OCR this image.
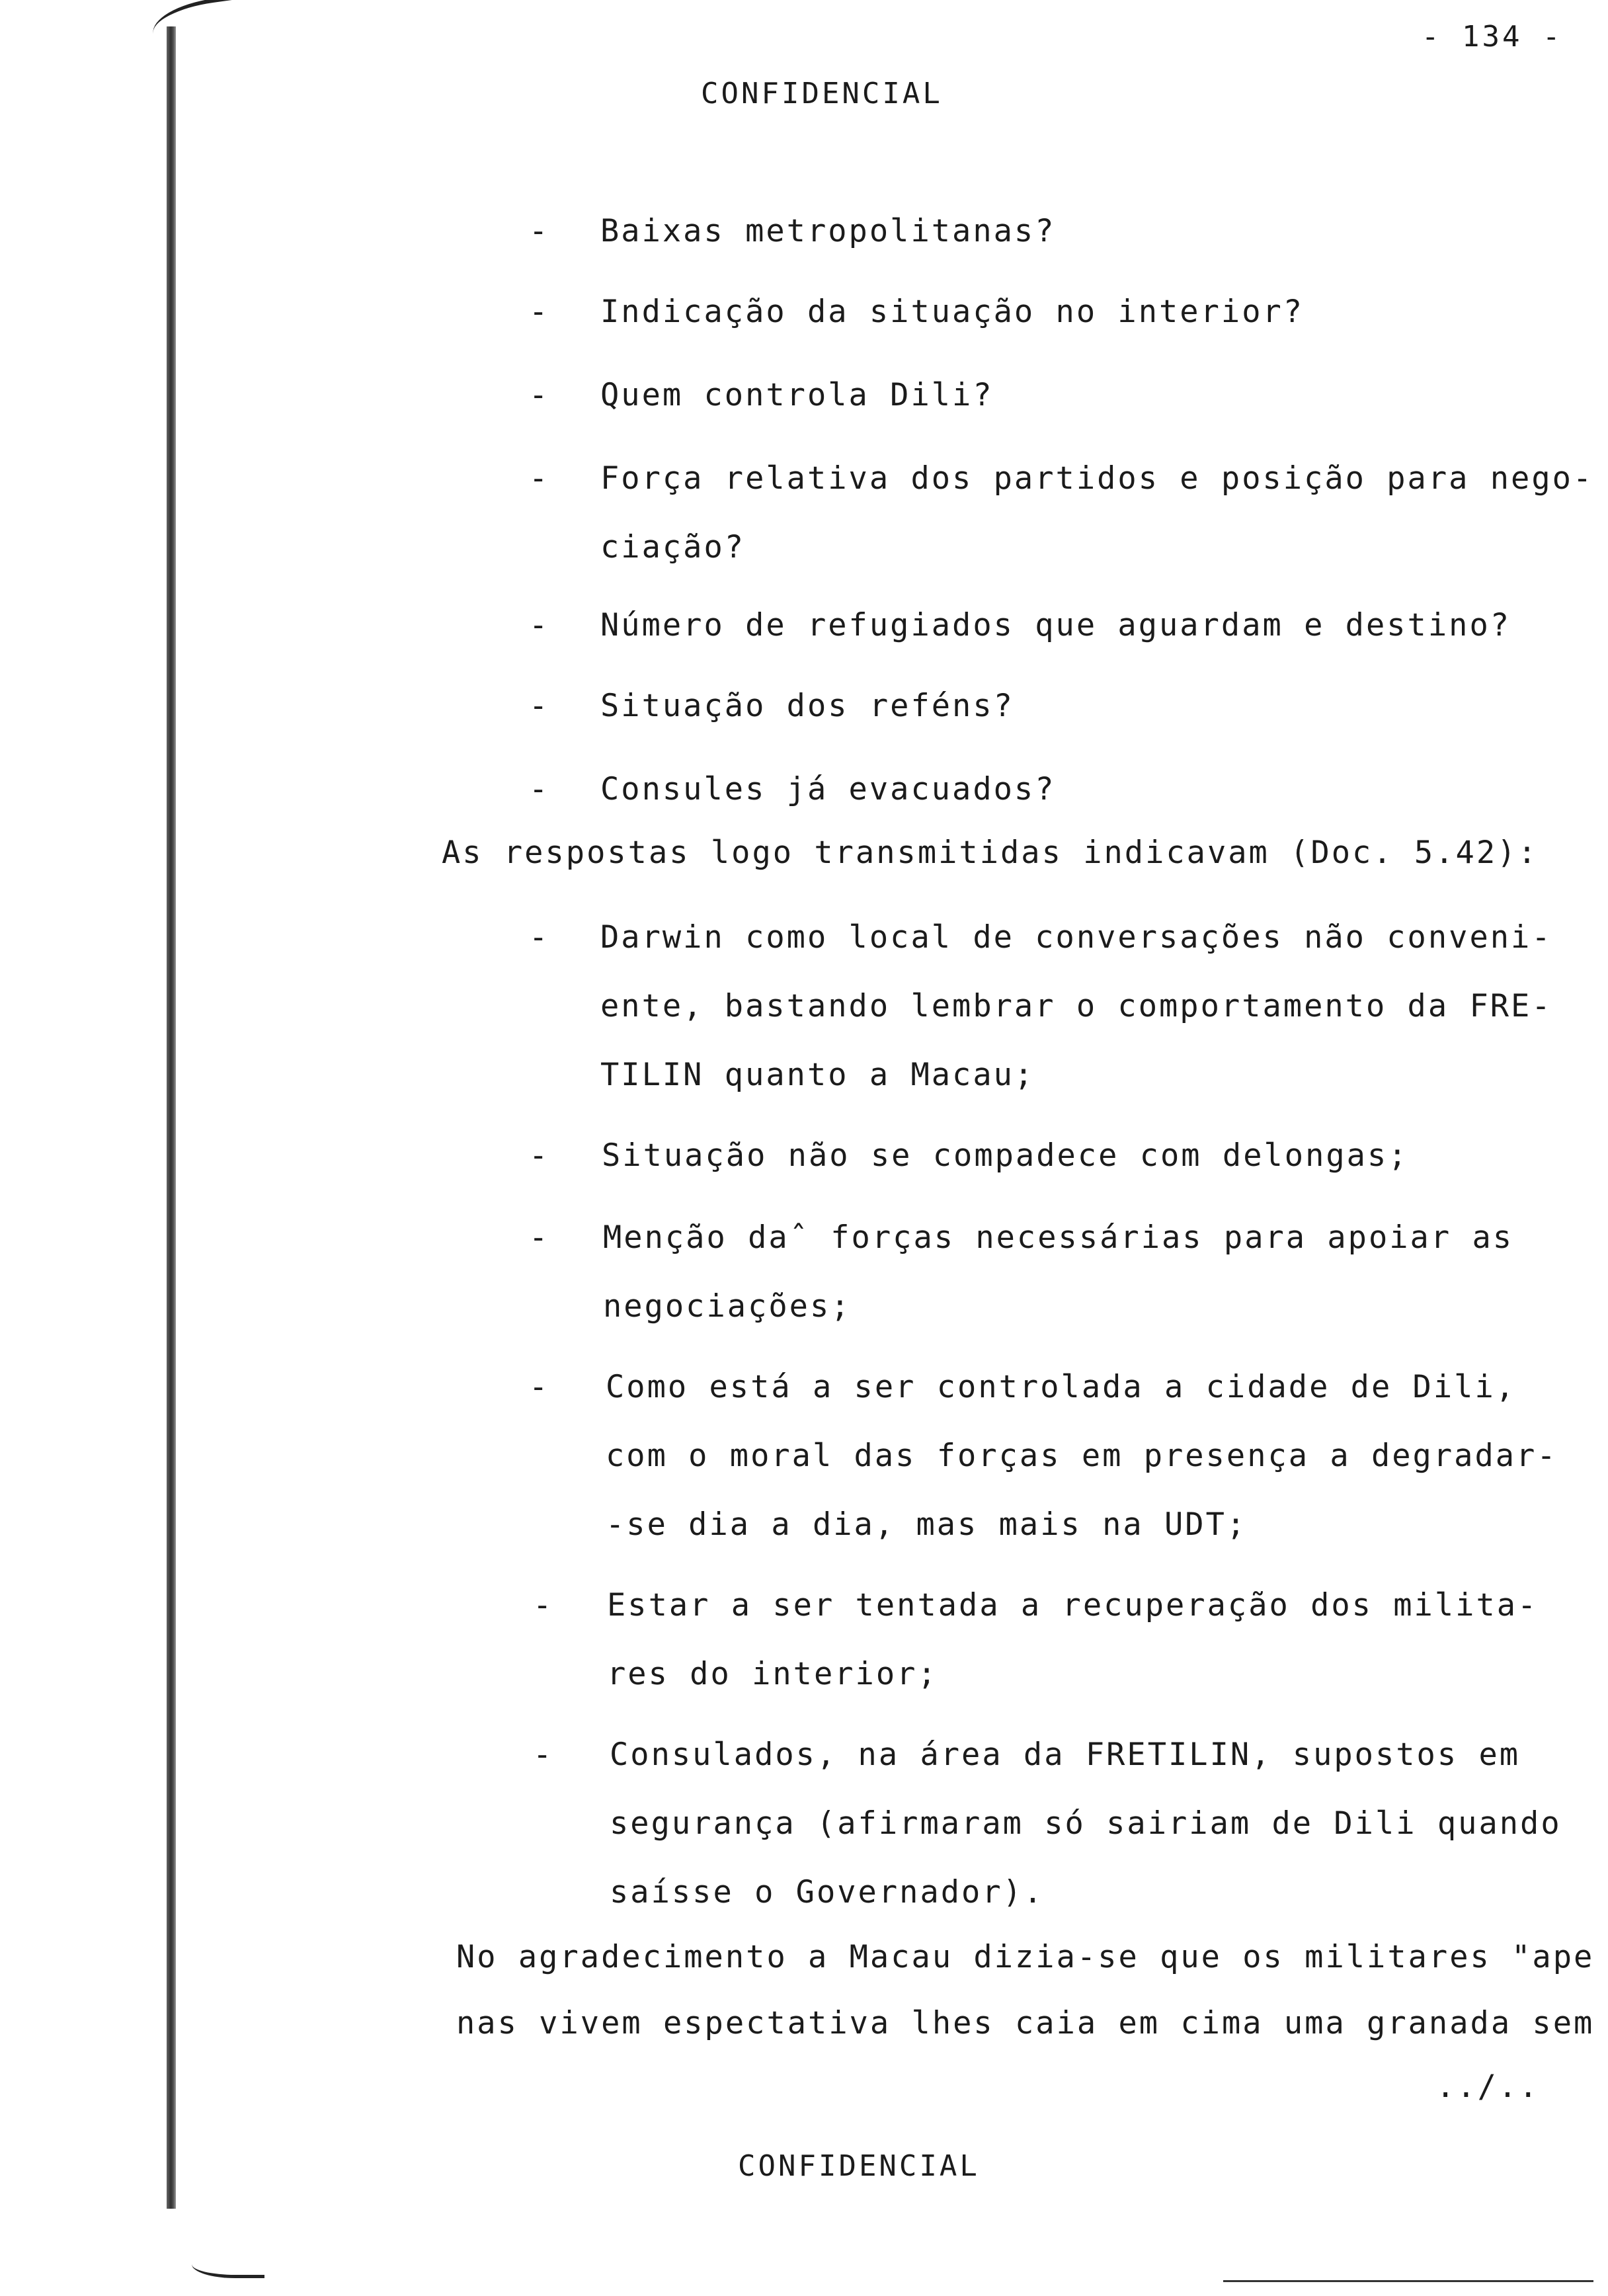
- 134 -
CONFIDENCIAL
- Baixas metropolitanas?
- Indicação da situação no interior?
- Quem controla Dili?
- Força relativa dos partidos e posição para nego-
ciação?
- Número de refugiados que aguardam e destino?
- Situação dos reféns?
- Consules já evacuados?
As respostas logo transmitidas indicavam (Doc. 5.42):
- Darwin como local de conversações não conveni-
ente, bastando lembrar o comportamento da FRE-
TILIN quanto a Macau;
- Situação não se compadece com delongas;
- Menção daˆ forças necessárias para apoiar as
negociações;
- Como está a ser controlada a cidade de Dili,
com o moral das forças em presença a degradar-
-se dia a dia, mas mais na UDT;
- Estar a ser tentada a recuperação dos milita-
res do interior;
- Consulados, na área da FRETILIN, supostos em
segurança (afirmaram só sairiam de Dili quando
saísse o Governador).
No agradecimento a Macau dizia-se que os militares "ape
nas vivem espectativa lhes caia em cima uma granada sem
../..
CONFIDENCIAL
